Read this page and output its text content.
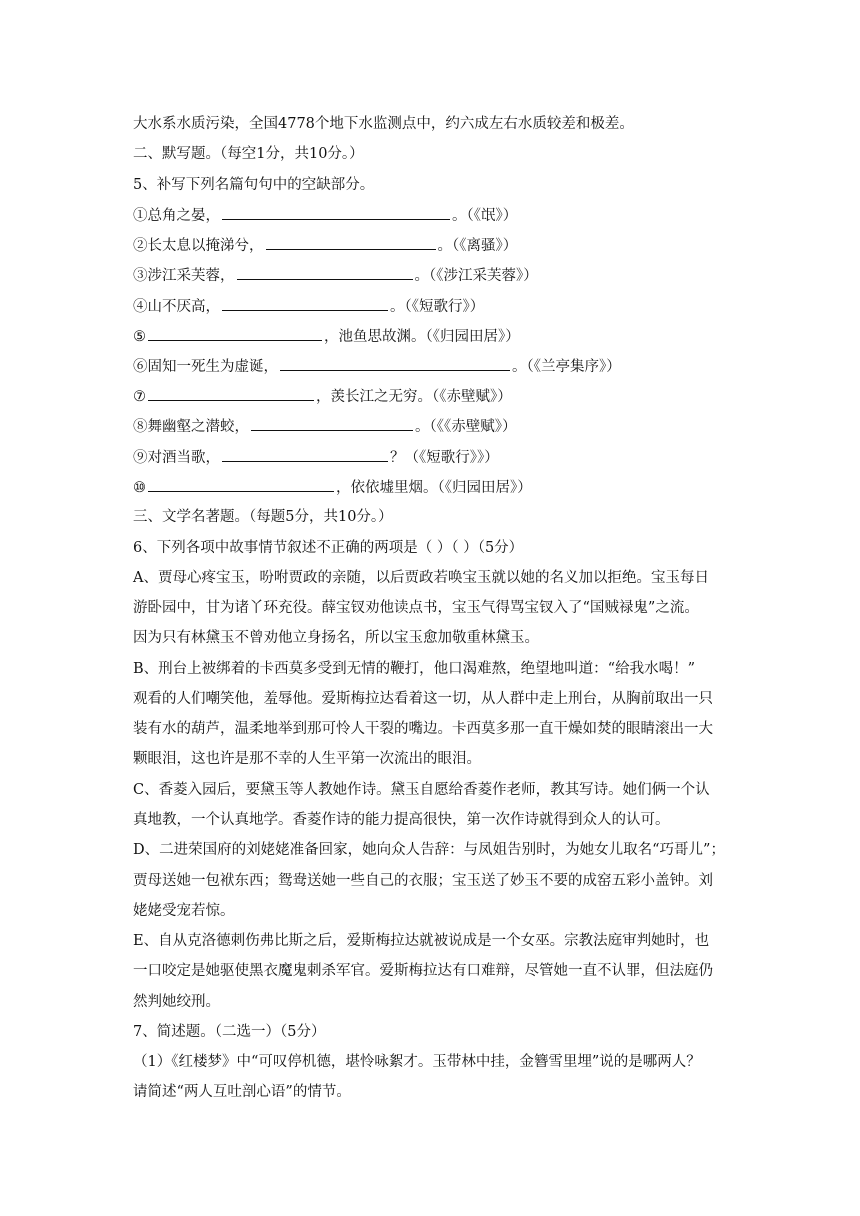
大水系水质污染，全国4778个地下水监测点中，约六成左右水质较差和极差。
二、默写题。（每空1分，共10分。）
5、补写下列名篇句句中的空缺部分。
①总角之晏，	。（《氓》）
②长太息以掩涕兮，	。（《离骚》）
③涉江采芙蓉，	。（《涉江采芙蓉》）
④山不厌高，	。（《短歌行》）
⑤	，池鱼思故渊。（《归园田居》）
⑥固知一死生为虚诞，	。（《兰亭集序》）
⑦	，羡长江之无穷。（《赤壁赋》）
⑧舞幽壑之潜蛟，	。（《《赤壁赋》）
⑨对酒当歌，	？（《短歌行》》）
⑩	，依依墟里烟。（《归园田居》）
三、文学名著题。（每题5分，共10分。）
6、下列各项中故事情节叙述不正确的两项是（ ）（ ）（5分）
A、贾母心疼宝玉，吩咐贾政的亲随，以后贾政若唤宝玉就以她的名义加以拒绝。宝玉每日
游卧园中，甘为诸丫环充役。薛宝钗劝他读点书，宝玉气得骂宝钗入了“国贼禄鬼”之流。
因为只有林黛玉不曾劝他立身扬名，所以宝玉愈加敬重林黛玉。
B、刑台上被绑着的卡西莫多受到无情的鞭打，他口渴难熬，绝望地叫道：“给我水喝！”
观看的人们嘲笑他，羞辱他。爱斯梅拉达看着这一切，从人群中走上刑台，从胸前取出一只
装有水的葫芦，温柔地举到那可怜人干裂的嘴边。卡西莫多那一直干燥如焚的眼睛滚出一大
颗眼泪，这也许是那不幸的人生平第一次流出的眼泪。
C、香菱入园后，要黛玉等人教她作诗。黛玉自愿给香菱作老师，教其写诗。她们俩一个认
真地教，一个认真地学。香菱作诗的能力提高很快，第一次作诗就得到众人的认可。
D、二进荣国府的刘姥姥准备回家，她向众人告辞：与凤姐告别时，为她女儿取名“巧哥儿”；
贾母送她一包袱东西；鸳鸯送她一些自己的衣服；宝玉送了妙玉不要的成窑五彩小盖钟。刘
姥姥受宠若惊。
E、自从克洛德刺伤弗比斯之后，爱斯梅拉达就被说成是一个女巫。宗教法庭审判她时，也
一口咬定是她驱使黑衣魔鬼刺杀军官。爱斯梅拉达有口难辩，尽管她一直不认罪，但法庭仍
然判她绞刑。
7、简述题。（二选一）（5分）
（1）《红楼梦》中“可叹停机德，堪怜咏絮才。玉带林中挂，金簪雪里埋”说的是哪两人？
请简述“两人互吐剖心语”的情节。
